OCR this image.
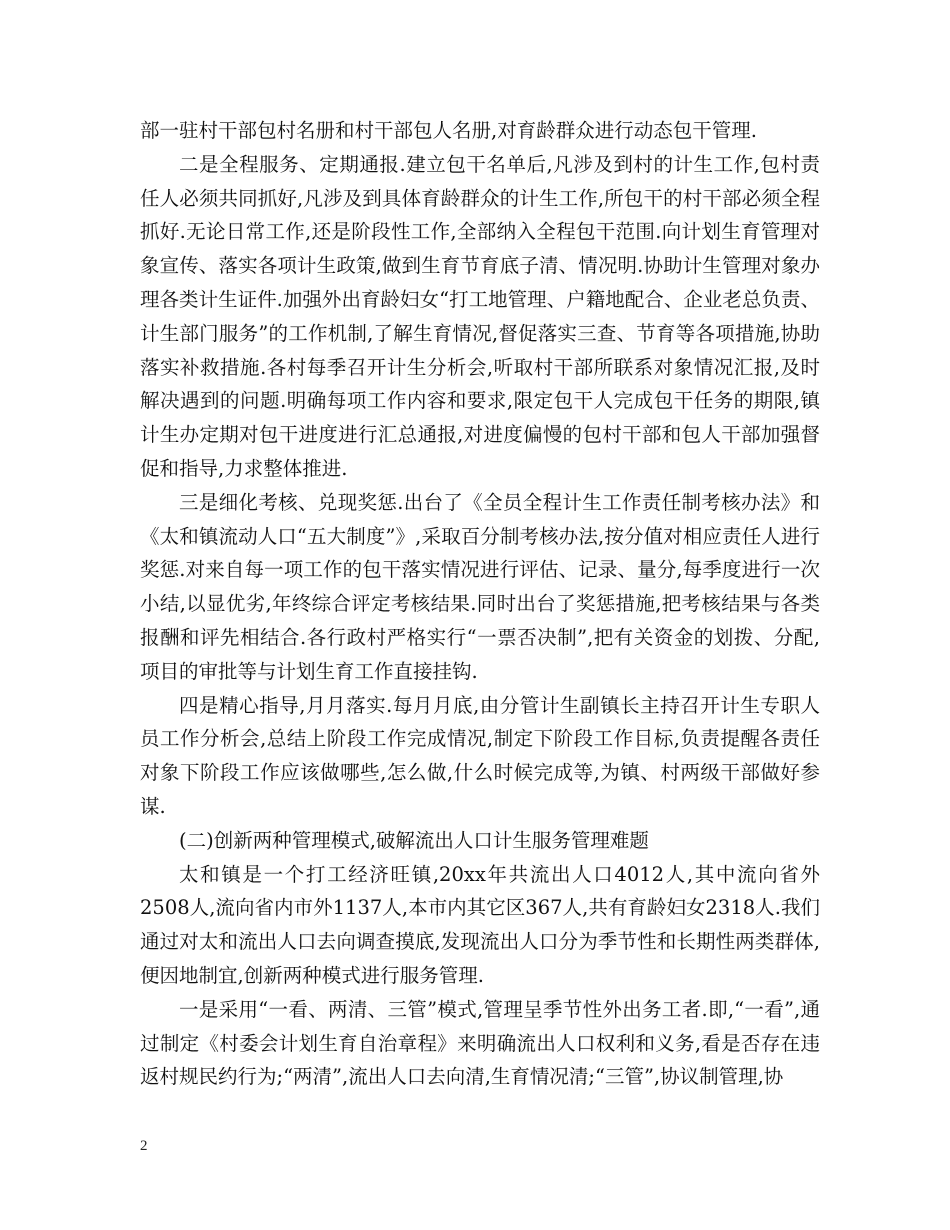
部一驻村干部包村名册和村干部包人名册,对育龄群众进行动态包干管理.

二是全程服务、定期通报.建立包干名单后,凡涉及到村的计生工作,包村责任人必须共同抓好,凡涉及到具体育龄群众的计生工作,所包干的村干部必须全程抓好.无论日常工作,还是阶段性工作,全部纳入全程包干范围.向计划生育管理对象宣传、落实各项计生政策,做到生育节育底子清、情况明.协助计生管理对象办理各类计生证件.加强外出育龄妇女“打工地管理、户籍地配合、企业老总负责、计生部门服务”的工作机制,了解生育情况,督促落实三查、节育等各项措施,协助落实补救措施.各村每季召开计生分析会,听取村干部所联系对象情况汇报,及时解决遇到的问题.明确每项工作内容和要求,限定包干人完成包干任务的期限,镇计生办定期对包干进度进行汇总通报,对进度偏慢的包村干部和包人干部加强督促和指导,力求整体推进.

三是细化考核、兑现奖惩.出台了《全员全程计生工作责任制考核办法》和《太和镇流动人口“五大制度”》,采取百分制考核办法,按分值对相应责任人进行奖惩.对来自每一项工作的包干落实情况进行评估、记录、量分,每季度进行一次小结,以显优劣,年终综合评定考核结果.同时出台了奖惩措施,把考核结果与各类报酬和评先相结合.各行政村严格实行“一票否决制”,把有关资金的划拨、分配,项目的审批等与计划生育工作直接挂钩.

四是精心指导,月月落实.每月月底,由分管计生副镇长主持召开计生专职人员工作分析会,总结上阶段工作完成情况,制定下阶段工作目标,负责提醒各责任对象下阶段工作应该做哪些,怎么做,什么时候完成等,为镇、村两级干部做好参谋.

(二)创新两种管理模式,破解流出人口计生服务管理难题

太和镇是一个打工经济旺镇,20xx年共流出人口4012人,其中流向省外2508人,流向省内市外1137人,本市内其它区367人,共有育龄妇女2318人.我们通过对太和流出人口去向调查摸底,发现流出人口分为季节性和长期性两类群体,便因地制宜,创新两种模式进行服务管理.

一是采用“一看、两清、三管”模式,管理呈季节性外出务工者.即,“一看”,通过制定《村委会计划生育自治章程》来明确流出人口权利和义务,看是否存在违返村规民约行为;“两清”,流出人口去向清,生育情况清;“三管”,协议制管理,协

2
